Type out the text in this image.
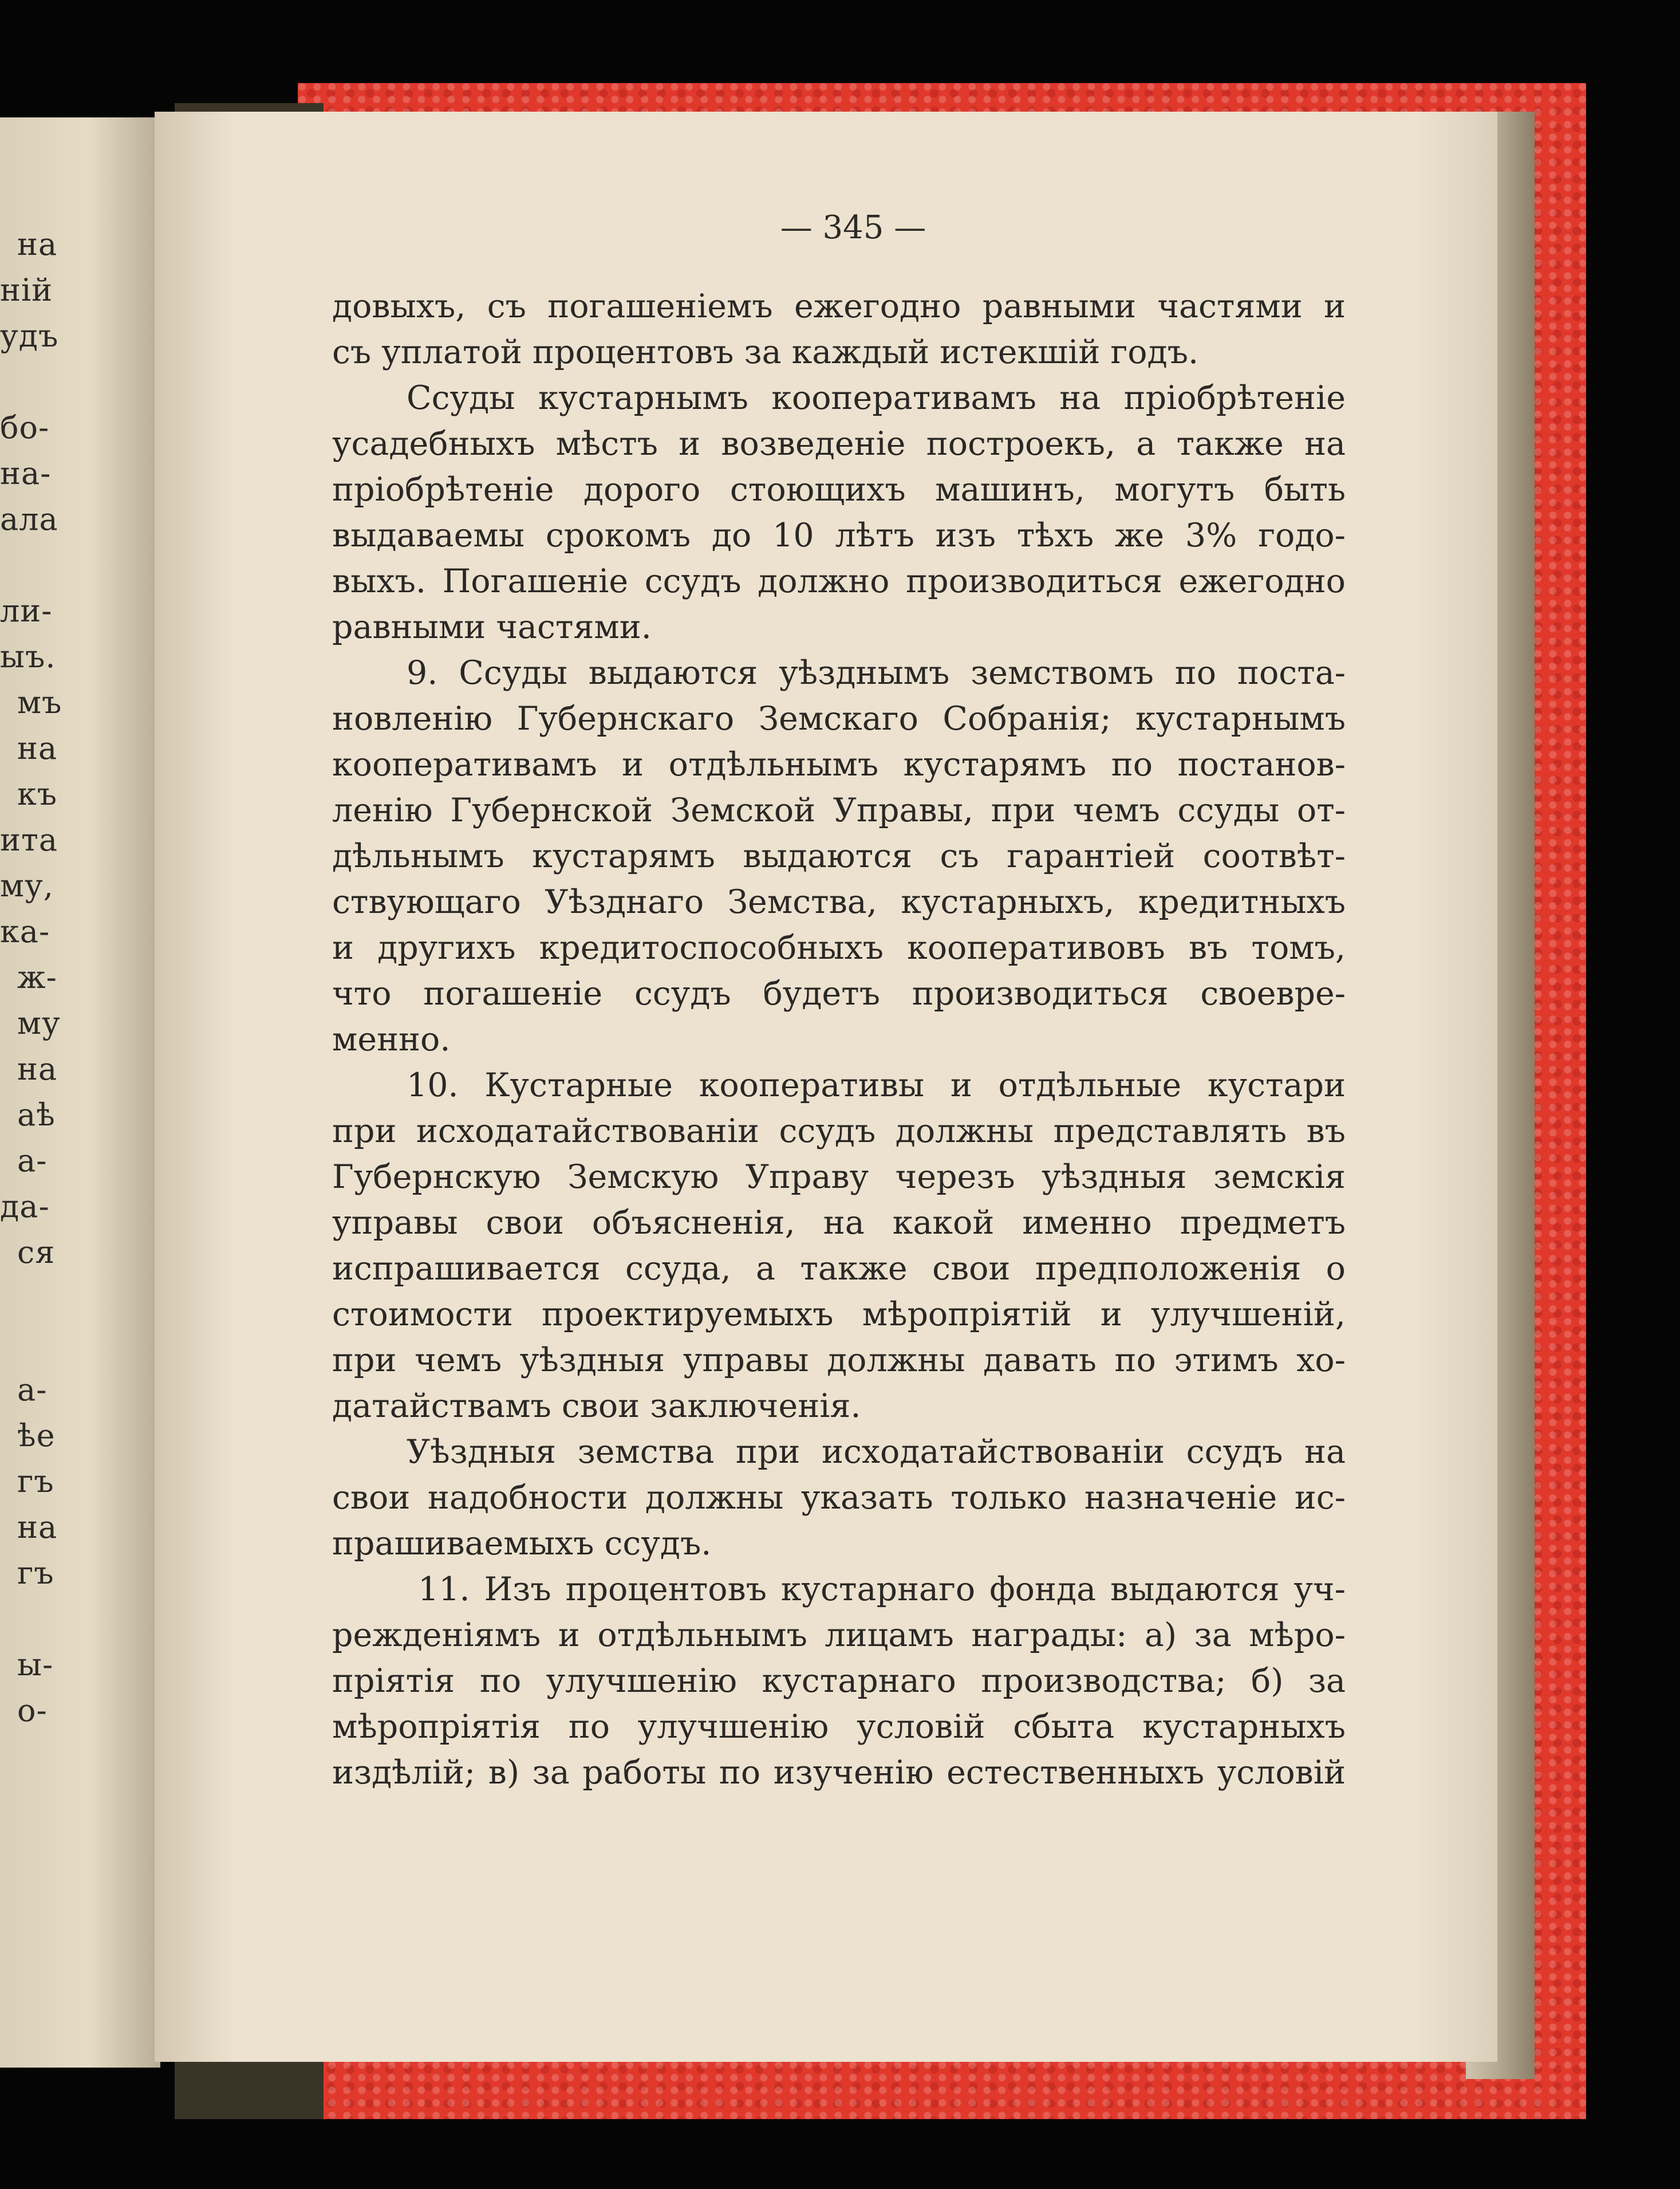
на
ній
удъ
бо-
на-
ала
ли-
ыъ.
мъ
на
къ
ита
му,
ка-
ж-
му
на
аѣ
а-
да-
ся
а-
ѣе
гъ
на
гъ
ы-
о-
— 345 —
довыхъ, съ погашеніемъ ежегодно равными частями и
съ уплатой процентовъ за каждый истекшій годъ.
Ссуды кустарнымъ кооперативамъ на пріобрѣтеніе
усадебныхъ мѣстъ и возведеніе построекъ, а также на
пріобрѣтеніе дорого стоющихъ машинъ, могутъ быть
выдаваемы срокомъ до 10 лѣтъ изъ тѣхъ же 3% годо-
выхъ. Погашеніе ссудъ должно производиться ежегодно
равными частями.
9. Ссуды выдаются уѣзднымъ земствомъ по поста-
новленію Губернскаго Земскаго Собранія; кустарнымъ
кооперативамъ и отдѣльнымъ кустарямъ по постанов-
ленію Губернской Земской Управы, при чемъ ссуды от-
дѣльнымъ кустарямъ выдаются съ гарантіей соотвѣт-
ствующаго Уѣзднаго Земства, кустарныхъ, кредитныхъ
и другихъ кредитоспособныхъ кооперативовъ въ томъ,
что погашеніе ссудъ будетъ производиться своевре-
менно.
10. Кустарные кооперативы и отдѣльные кустари
при исходатайствованіи ссудъ должны представлять въ
Губернскую Земскую Управу черезъ уѣздныя земскія
управы свои объясненія, на какой именно предметъ
испрашивается ссуда, а также свои предположенія о
стоимости проектируемыхъ мѣропріятій и улучшеній,
при чемъ уѣздныя управы должны давать по этимъ хо-
датайствамъ свои заключенія.
Уѣздныя земства при исходатайствованіи ссудъ на
свои надобности должны указать только назначеніе ис-
прашиваемыхъ ссудъ.
11. Изъ процентовъ кустарнаго фонда выдаются уч-
режденіямъ и отдѣльнымъ лицамъ награды: а) за мѣро-
пріятія по улучшенію кустарнаго производства; б) за
мѣропріятія по улучшенію условій сбыта кустарныхъ
издѣлій; в) за работы по изученію естественныхъ условій
